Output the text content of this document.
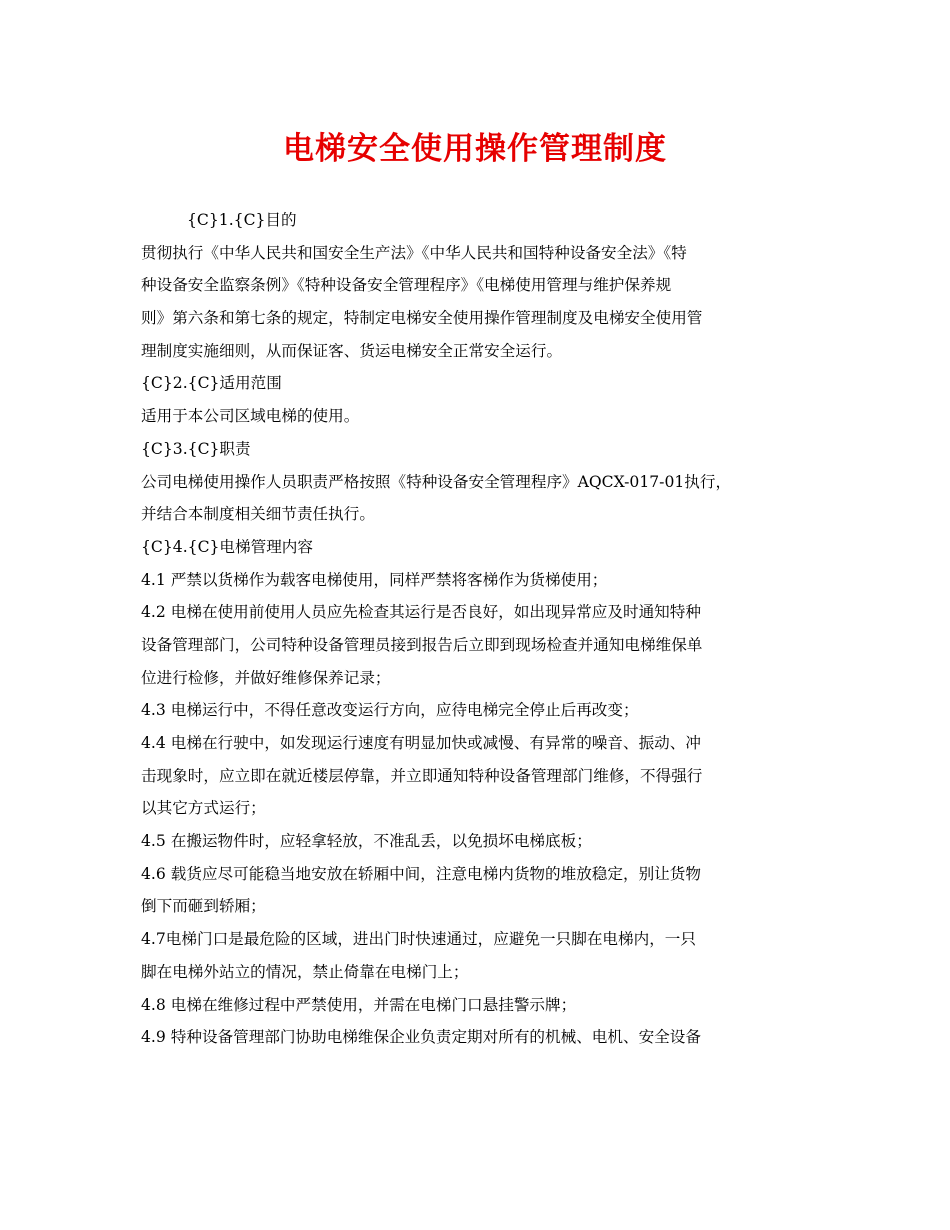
电梯安全使用操作管理制度
{C}1.{C}目的
贯彻执行《中华人民共和国安全生产法》《中华人民共和国特种设备安全法》《特
种设备安全监察条例》《特种设备安全管理程序》《电梯使用管理与维护保养规
则》第六条和第七条的规定，特制定电梯安全使用操作管理制度及电梯安全使用管
理制度实施细则，从而保证客、货运电梯安全正常安全运行。
{C}2.{C}适用范围
适用于本公司区域电梯的使用。
{C}3.{C}职责
公司电梯使用操作人员职责严格按照《特种设备安全管理程序》AQCX-017-01执行，
并结合本制度相关细节责任执行。
{C}4.{C}电梯管理内容
4.1 严禁以货梯作为载客电梯使用，同样严禁将客梯作为货梯使用；
4.2 电梯在使用前使用人员应先检查其运行是否良好，如出现异常应及时通知特种
设备管理部门，公司特种设备管理员接到报告后立即到现场检查并通知电梯维保单
位进行检修，并做好维修保养记录；
4.3 电梯运行中，不得任意改变运行方向，应待电梯完全停止后再改变；
4.4 电梯在行驶中，如发现运行速度有明显加快或减慢、有异常的噪音、振动、冲
击现象时，应立即在就近楼层停靠，并立即通知特种设备管理部门维修，不得强行
以其它方式运行；
4.5 在搬运物件时，应轻拿轻放，不准乱丢，以免损坏电梯底板；
4.6 载货应尽可能稳当地安放在轿厢中间，注意电梯内货物的堆放稳定，别让货物
倒下而砸到轿厢；
4.7电梯门口是最危险的区域，进出门时快速通过，应避免一只脚在电梯内，一只
脚在电梯外站立的情况，禁止倚靠在电梯门上；
4.8 电梯在维修过程中严禁使用，并需在电梯门口悬挂警示牌；
4.9 特种设备管理部门协助电梯维保企业负责定期对所有的机械、电机、安全设备
